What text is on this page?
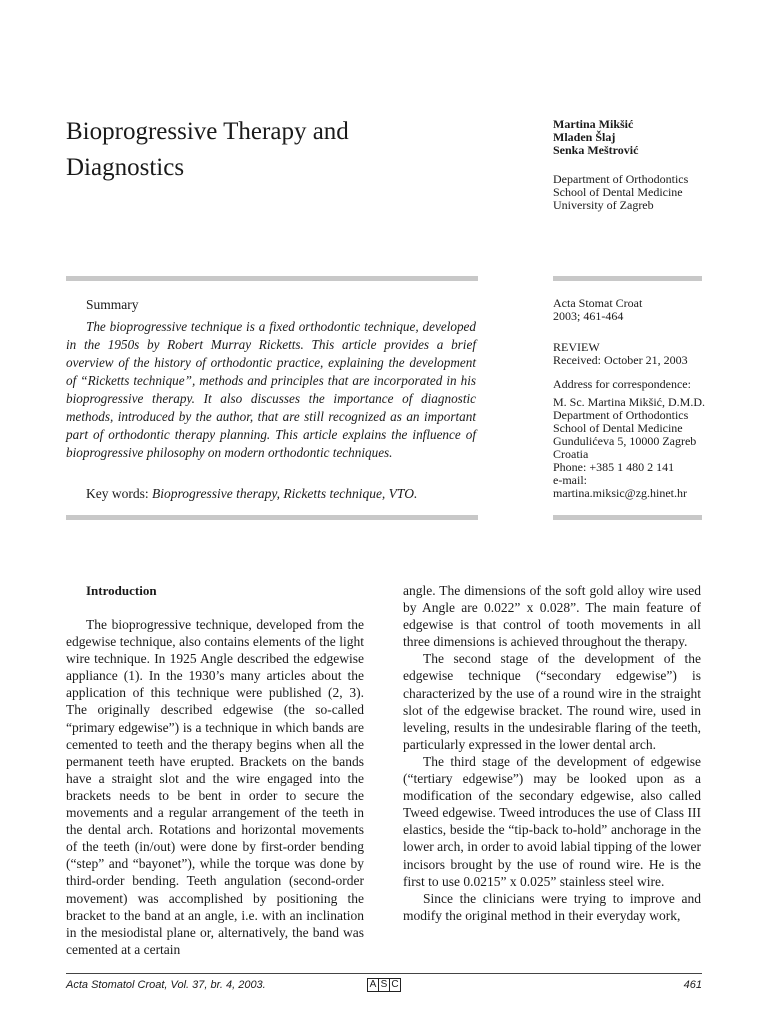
Bioprogressive Therapy and Diagnostics
Martina Mikšić
Mladen Šlaj
Senka Meštrović
Department of Orthodontics
School of Dental Medicine
University of Zagreb
Summary

The bioprogressive technique is a fixed orthodontic technique, developed in the 1950s by Robert Murray Ricketts. This article provides a brief overview of the history of orthodontic practice, explaining the development of “Ricketts technique”, methods and principles that are incorporated in his bioprogressive therapy. It also discusses the importance of diagnostic methods, introduced by the author, that are still recognized as an important part of orthodontic therapy planning. This article explains the influence of bioprogressive philosophy on modern orthodontic techniques.

Key words: Bioprogressive therapy, Ricketts technique, VTO.
Acta Stomat Croat
2003; 461-464
REVIEW
Received: October 21, 2003
Address for correspondence:
M. Sc. Martina Mikšić, D.M.D.
Department of Orthodontics
School of Dental Medicine
Gundulićeva 5, 10000 Zagreb
Croatia
Phone: +385 1 480 2 141
e-mail:
martina.miksic@zg.hinet.hr
Introduction

The bioprogressive technique, developed from the edgewise technique, also contains elements of the light wire technique. In 1925 Angle described the edgewise appliance (1). In the 1930’s many articles about the application of this technique were published (2, 3). The originally described edgewise (the so-called “primary edgewise”) is a technique in which bands are cemented to teeth and the therapy begins when all the permanent teeth have erupted. Brackets on the bands have a straight slot and the wire engaged into the brackets needs to be bent in order to secure the movements and a regular arrangement of the teeth in the dental arch. Rotations and horizontal movements of the teeth (in/out) were done by first-order bending (“step” and “bayonet”), while the torque was done by third-order bending. Teeth angulation (second-order movement) was accomplished by positioning the bracket to the band at an angle, i.e. with an inclination in the mesiodistal plane or, alternatively, the band was cemented at a certain

angle. The dimensions of the soft gold alloy wire used by Angle are 0.022” x 0.028”. The main feature of edgewise is that control of tooth movements in all three dimensions is achieved throughout the therapy.

The second stage of the development of the edgewise technique (“secondary edgewise”) is characterized by the use of a round wire in the straight slot of the edgewise bracket. The round wire, used in leveling, results in the undesirable flaring of the teeth, particularly expressed in the lower dental arch.

The third stage of the development of edgewise (“tertiary edgewise”) may be looked upon as a modification of the secondary edgewise, also called Tweed edgewise. Tweed introduces the use of Class III elastics, beside the “tip-back to-hold” anchorage in the lower arch, in order to avoid labial tipping of the lower incisors brought by the use of round wire. He is the first to use 0.0215” x 0.025” stainless steel wire.

Since the clinicians were trying to improve and modify the original method in their everyday work,

Acta Stomatol Croat, Vol. 37, br. 4, 2003.	A S C	461
